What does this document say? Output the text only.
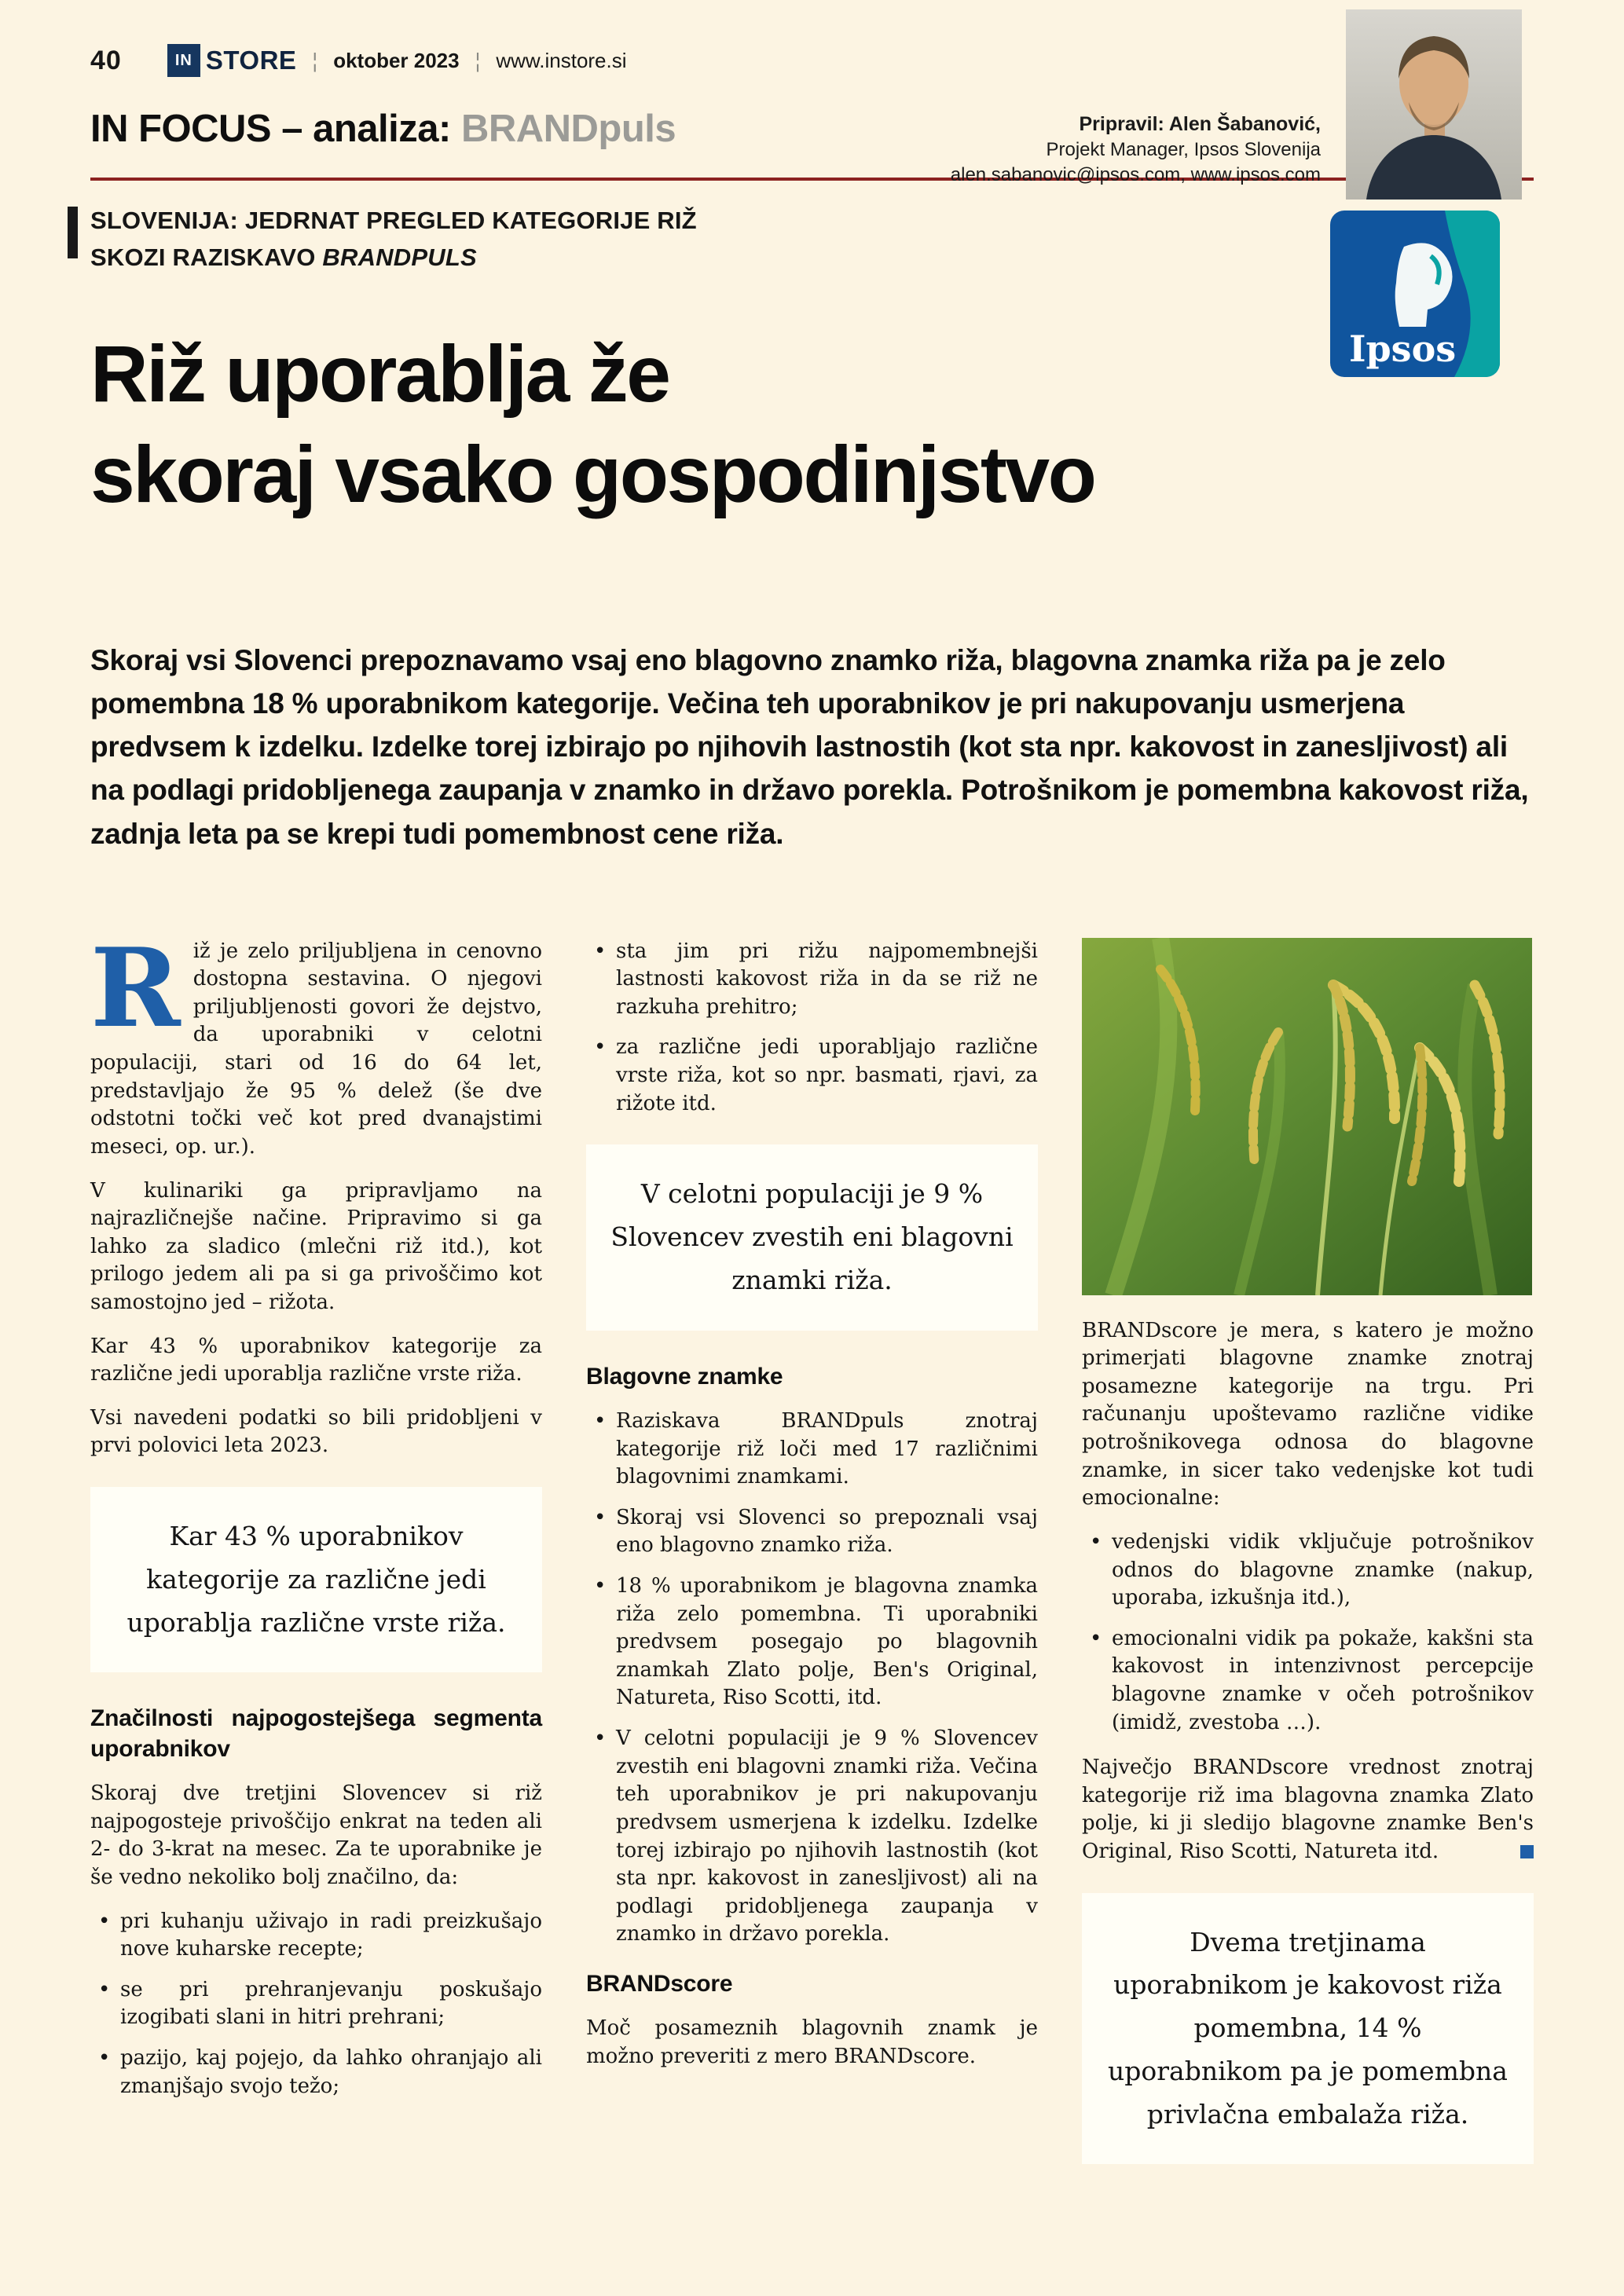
Ipsos
40	IN STORE ¦ oktober 2023 ¦ www.instore.si
IN FOCUS – analiza: BRANDpuls	Pripravil: Alen Šabanović,
Projekt Manager, Ipsos Slovenija
alen.sabanovic@ipsos.com, www.ipsos.com
SLOVENIJA: JEDRNAT PREGLED KATEGORIJE RIŽ
SKOZI RAZISKAVO BRANDPULS
Riž uporablja že
skoraj vsako gospodinjstvo

Skoraj vsi Slovenci prepoznavamo vsaj eno blagovno znamko riža, blagovna znamka riža pa je zelo pomembna 18 % uporabnikom kategorije. Večina teh uporabnikov je pri nakupovanju usmerjena predvsem k izdelku. Izdelke torej izbirajo po njihovih lastnostih (kot sta npr. kakovost in zanesljivost) ali na podlagi pridobljenega zaupanja v znamko in državo porekla. Potrošnikom je pomembna kakovost riža, zadnja leta pa se krepi tudi pomembnost cene riža.

Riž je zelo priljubljena in cenovno dostopna sestavina. O njegovi priljubljenosti govori že dejstvo, da uporabniki v celotni populaciji, stari od 16 do 64 let, predstavljajo že 95 % delež (še dve odstotni točki več kot pred dvanajstimi meseci, op. ur.).

V kulinariki ga pripravljamo na najrazličnejše načine. Pripravimo si ga lahko za sladico (mlečni riž itd.), kot prilogo jedem ali pa si ga privoščimo kot samostojno jed – rižota.

Kar 43 % uporabnikov kategorije za različne jedi uporablja različne vrste riža.

Vsi navedeni podatki so bili pridobljeni v prvi polovici leta 2023.

Kar 43 % uporabnikov kategorije za različne jedi uporablja različne vrste riža.
Značilnosti najpogostejšega segmenta uporabnikov

Skoraj dve tretjini Slovencev si riž najpogosteje privoščijo enkrat na teden ali 2- do 3-krat na mesec. Za te uporabnike je še vedno nekoliko bolj značilno, da:

• pri kuhanju uživajo in radi preizkušajo nove kuharske recepte;
• se pri prehranjevanju poskušajo izogibati slani in hitri prehrani;
• pazijo, kaj pojejo, da lahko ohranjajo ali zmanjšajo svojo težo;
• sta jim pri rižu najpomembnejši lastnosti kakovost riža in da se riž ne razkuha prehitro;
• za različne jedi uporabljajo različne vrste riža, kot so npr. basmati, rjavi, za rižote itd.
V celotni populaciji je 9 % Slovencev zvestih eni blagovni znamki riža.
Blagovne znamke
• Raziskava BRANDpuls znotraj kategorije riž loči med 17 različnimi blagovnimi znamkami.
• Skoraj vsi Slovenci so prepoznali vsaj eno blagovno znamko riža.
• 18 % uporabnikom je blagovna znamka riža zelo pomembna. Ti uporabniki predvsem posegajo po blagovnih znamkah Zlato polje, Ben's Original, Natureta, Riso Scotti, itd.
• V celotni populaciji je 9 % Slovencev zvestih eni blagovni znamki riža. Večina teh uporabnikov je pri nakupovanju predvsem usmerjena k izdelku. Izdelke torej izbirajo po njihovih lastnostih (kot sta npr. kakovost in zanesljivost) ali na podlagi pridobljenega zaupanja v znamko in državo porekla.
BRANDscore

Moč posameznih blagovnih znamk je možno preveriti z mero BRANDscore.

BRANDscore je mera, s katero je možno primerjati blagovne znamke znotraj posamezne kategorije na trgu. Pri računanju upoštevamo različne vidike potrošnikovega odnosa do blagovne znamke, in sicer tako vedenjske kot tudi emocionalne:

• vedenjski vidik vključuje potrošnikov odnos do blagovne znamke (nakup, uporaba, izkušnja itd.),
• emocionalni vidik pa pokaže, kakšni sta kakovost in intenzivnost percepcije blagovne znamke v očeh potrošnikov (imidž, zvestoba …).

Največjo BRANDscore vrednost znotraj kategorije riž ima blagovna znamka Zlato polje, ki ji sledijo blagovne znamke Ben's Original, Riso Scotti, Natureta itd.

Dvema tretjinama uporabnikom je kakovost riža pomembna, 14 % uporabnikom pa je pomembna privlačna embalaža riža.
